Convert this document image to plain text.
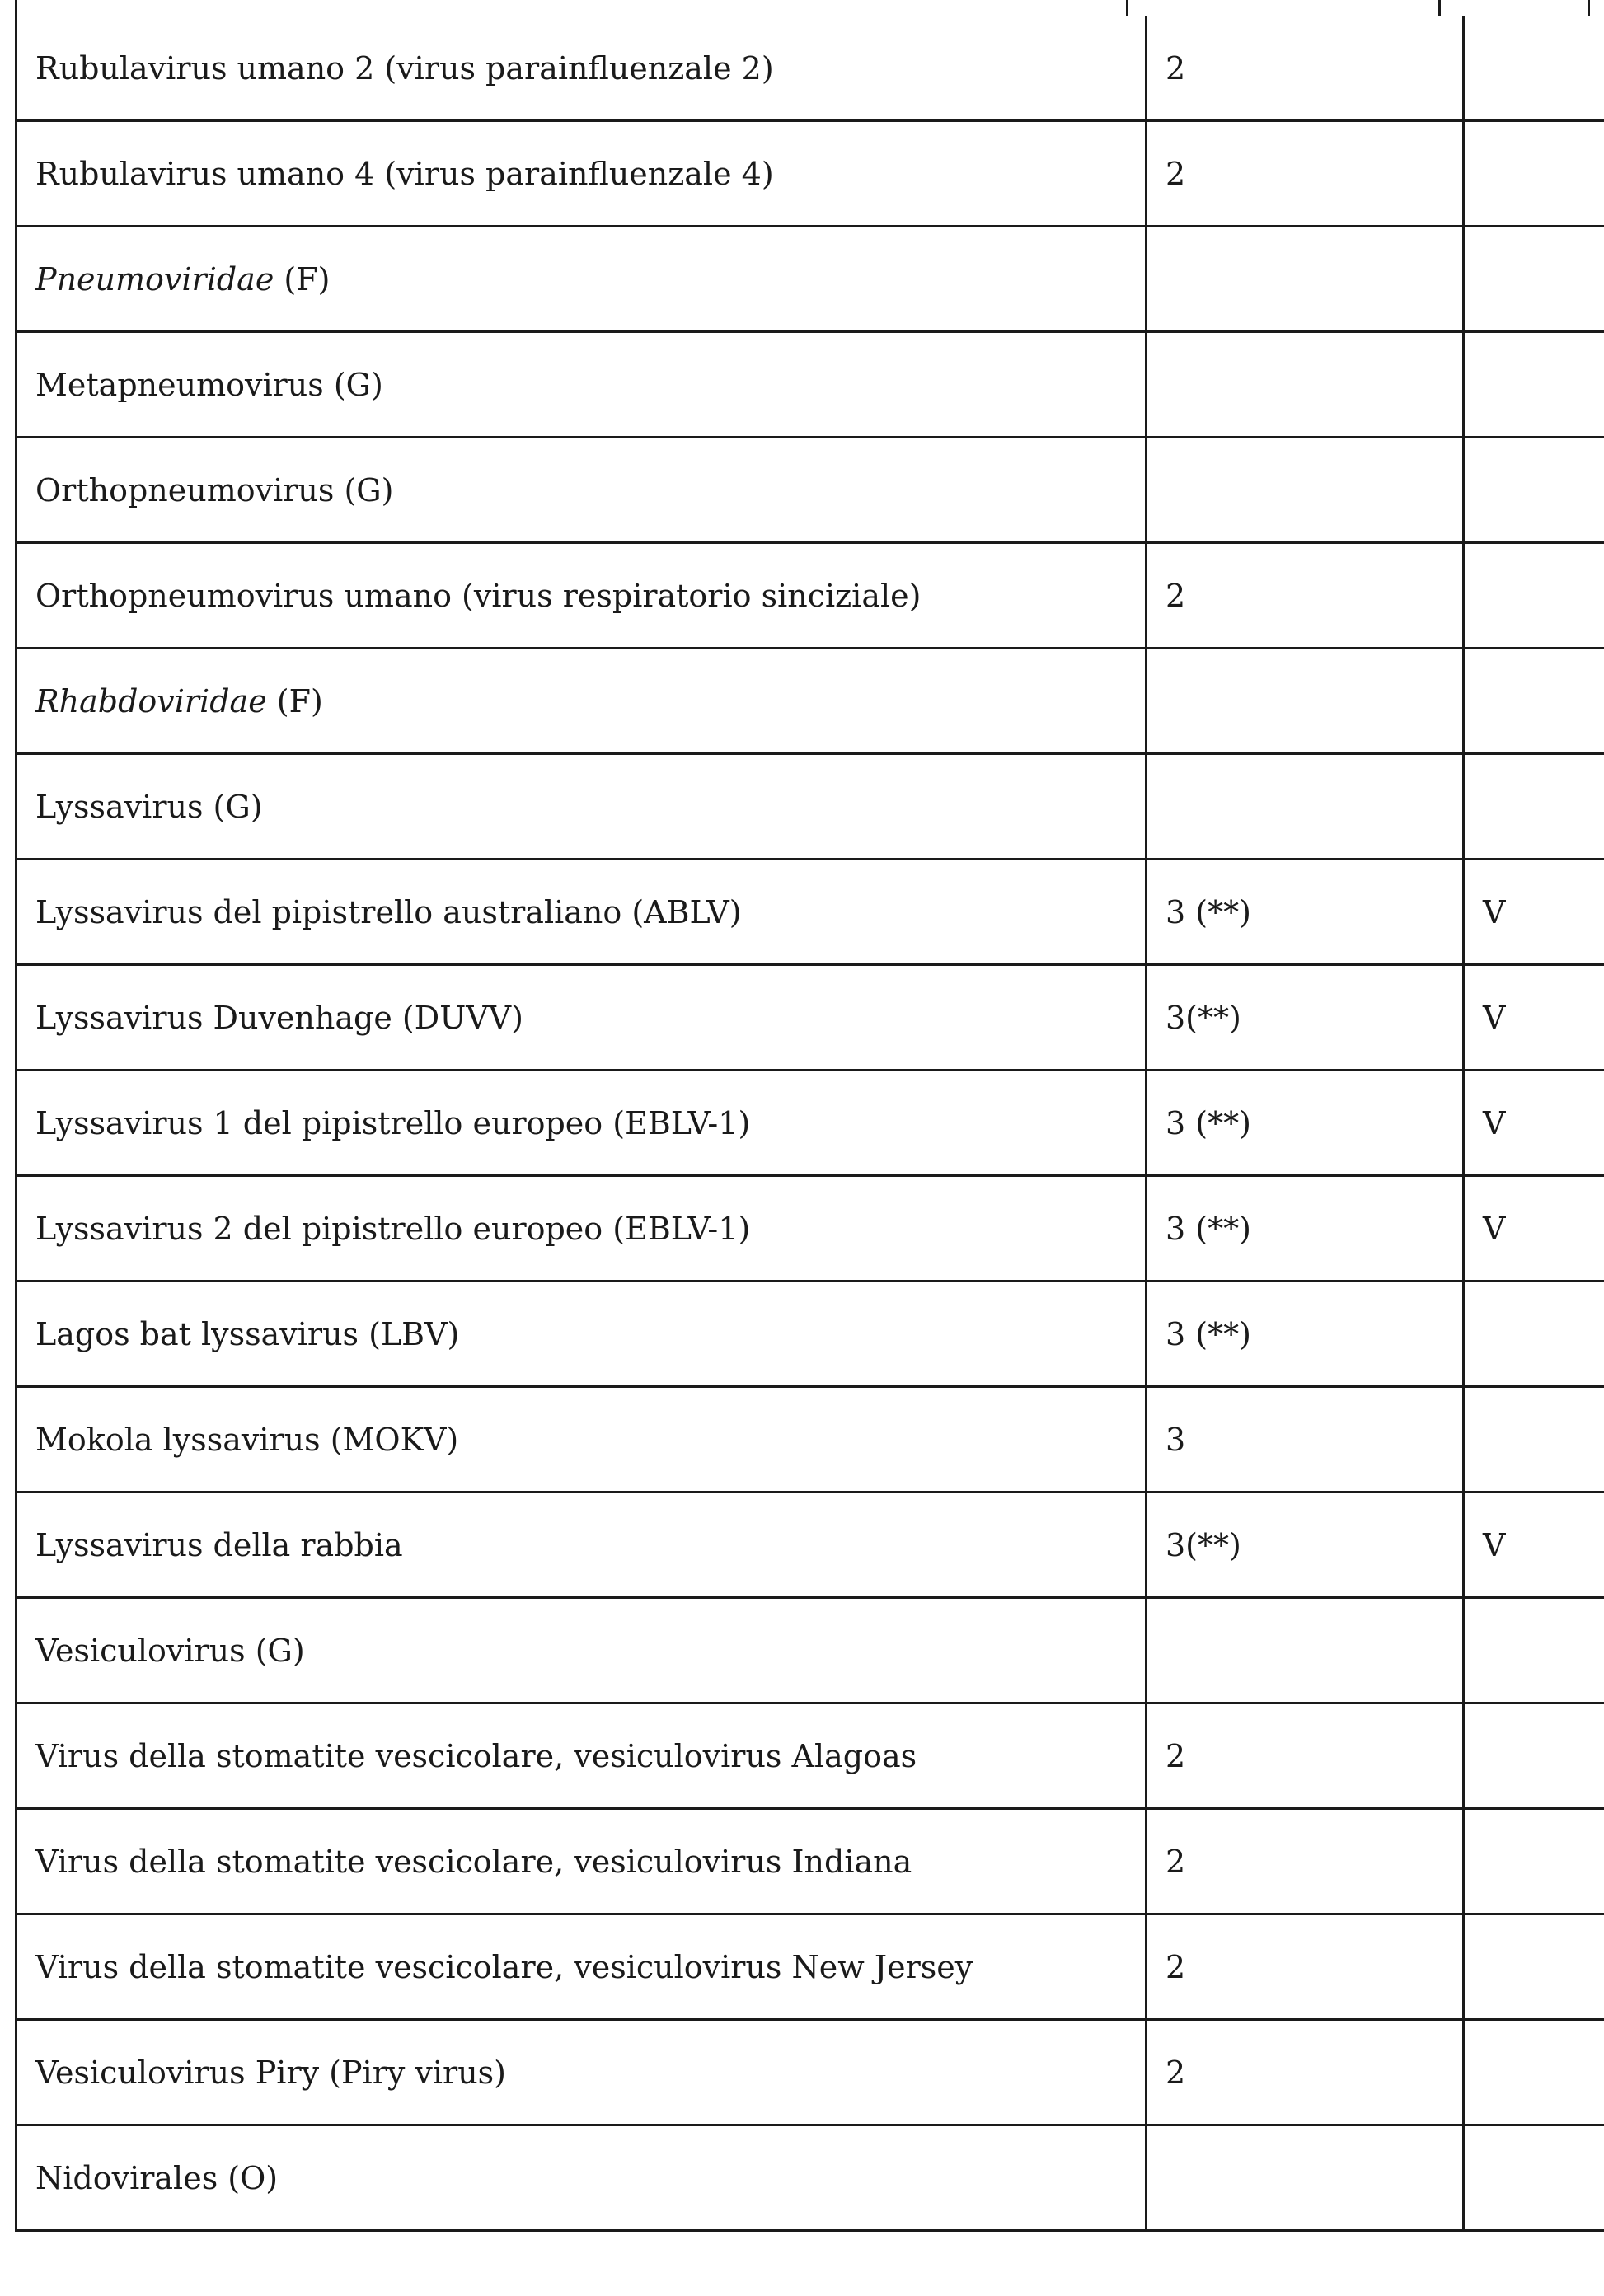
Rubulavirus umano 2 (virus parainfluenzale 2)	2	
Rubulavirus umano 4 (virus parainfluenzale 4)	2	
Pneumoviridae (F)		
Metapneumovirus (G)		
Orthopneumovirus (G)		
Orthopneumovirus umano (virus respiratorio sinciziale)	2	
Rhabdoviridae (F)		
Lyssavirus (G)		
Lyssavirus del pipistrello australiano (ABLV)	3 (**)	V
Lyssavirus Duvenhage (DUVV)	3(**)	V
Lyssavirus 1 del pipistrello europeo (EBLV-1)	3 (**)	V
Lyssavirus 2 del pipistrello europeo (EBLV-1)	3 (**)	V
Lagos bat lyssavirus (LBV)	3 (**)	
Mokola lyssavirus (MOKV)	3	
Lyssavirus della rabbia	3(**)	V
Vesiculovirus (G)		
Virus della stomatite vescicolare, vesiculovirus Alagoas	2	
Virus della stomatite vescicolare, vesiculovirus Indiana	2	
Virus della stomatite vescicolare, vesiculovirus New Jersey	2	
Vesiculovirus Piry (Piry virus)	2	
Nidovirales (O)		
